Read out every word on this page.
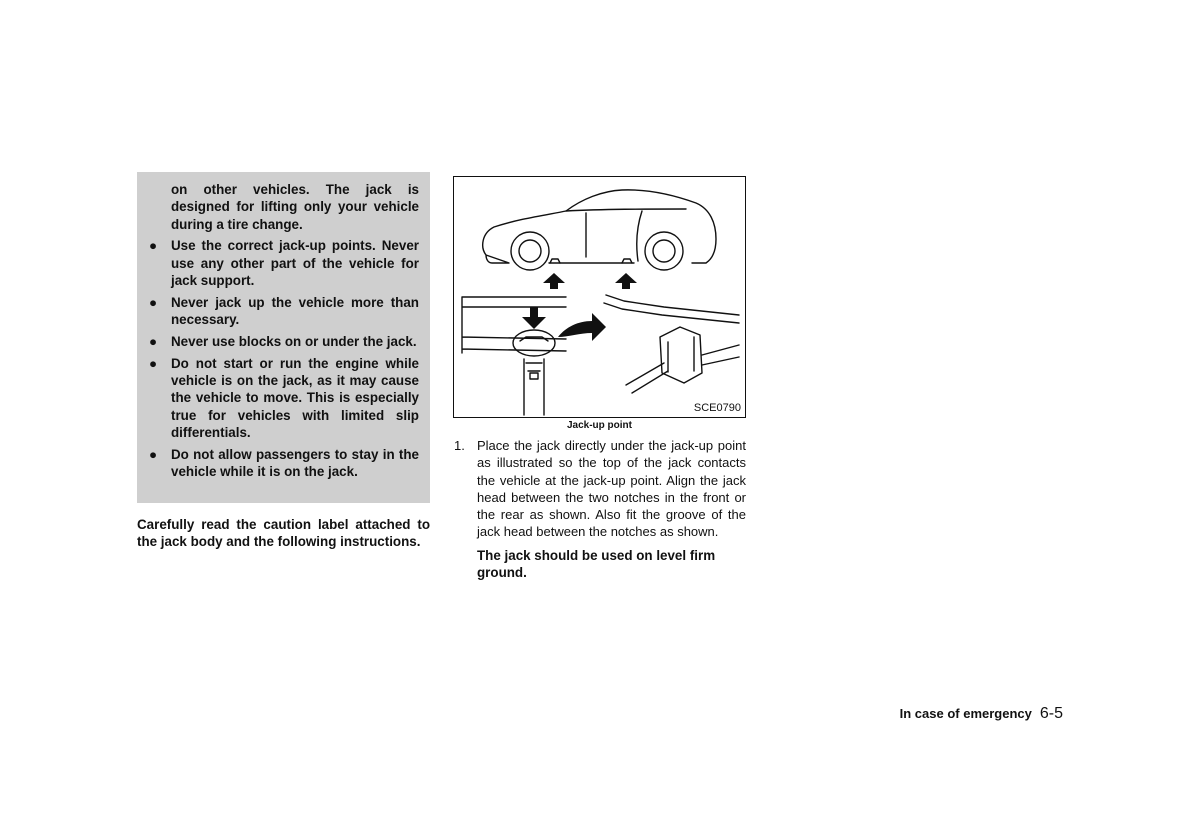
on other vehicles. The jack is designed for lifting only your vehicle during a tire change.

● Use the correct jack-up points. Never use any other part of the vehicle for jack support.
● Never jack up the vehicle more than necessary.
● Never use blocks on or under the jack.
● Do not start or run the engine while vehicle is on the jack, as it may cause the vehicle to move. This is especially true for vehicles with limited slip differentials.
● Do not allow passengers to stay in the vehicle while it is on the jack.

Carefully read the caution label attached to the jack body and the following instructions.

SCE0790
Jack-up point
1. Place the jack directly under the jack-up point as illustrated so the top of the jack contacts the vehicle at the jack-up point. Align the jack head between the two notches in the front or the rear as shown. Also fit the groove of the jack head between the notches as shown.

The jack should be used on level firm ground.

In case of emergency 6-5
